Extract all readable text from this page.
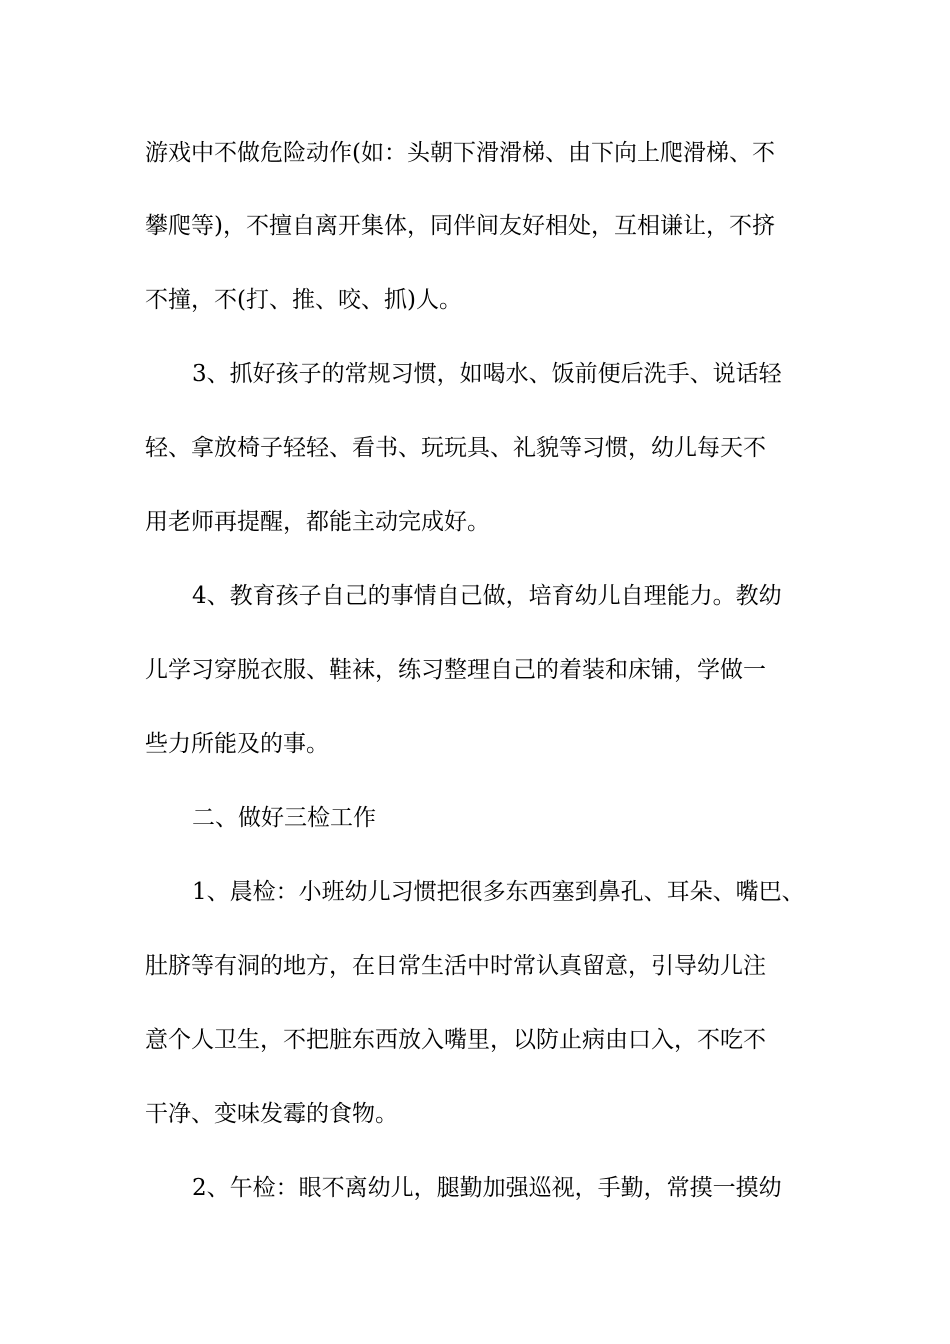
游戏中不做危险动作(如：头朝下滑滑梯、由下向上爬滑梯、不
攀爬等)，不擅自离开集体，同伴间友好相处，互相谦让，不挤
不撞，不(打、推、咬、抓)人。
3、抓好孩子的常规习惯，如喝水、饭前便后洗手、说话轻
轻、拿放椅子轻轻、看书、玩玩具、礼貌等习惯，幼儿每天不
用老师再提醒，都能主动完成好。
4、教育孩子自己的事情自己做，培育幼儿自理能力。教幼
儿学习穿脱衣服、鞋袜，练习整理自己的着装和床铺，学做一
些力所能及的事。
二、做好三检工作
1、晨检：小班幼儿习惯把很多东西塞到鼻孔、耳朵、嘴巴、
肚脐等有洞的地方，在日常生活中时常认真留意，引导幼儿注
意个人卫生，不把脏东西放入嘴里，以防止病由口入，不吃不
干净、变味发霉的食物。
2、午检：眼不离幼儿，腿勤加强巡视，手勤，常摸一摸幼
